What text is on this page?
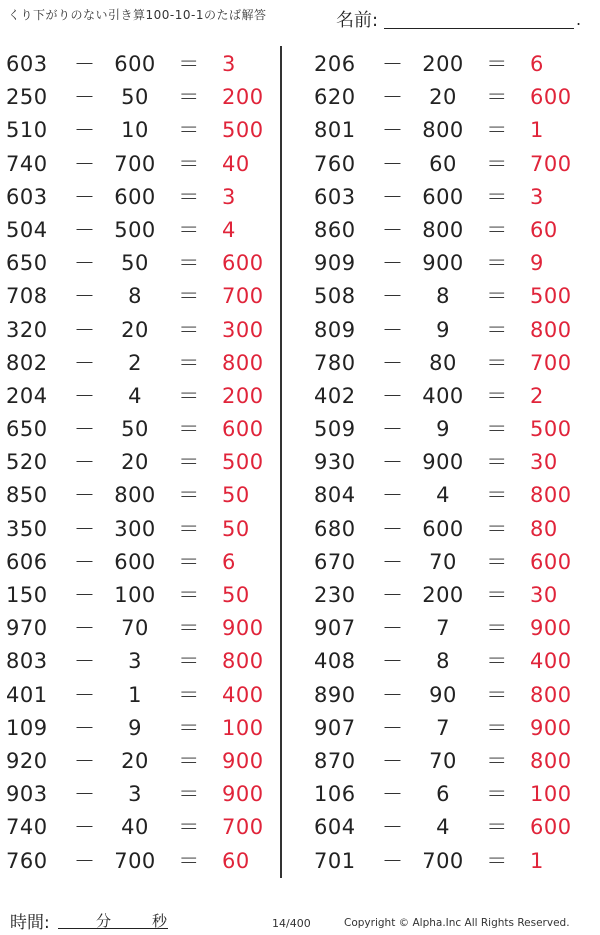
くり下がりのない引き算100-10-1のたば解答	名前:	.
603 － 600	＝ 3
250 －	50	＝ 200
510 －	10	＝ 500
740 － 700	＝ 40
603 － 600	＝ 3
504 － 500	＝ 4
650 －	50	＝ 600
708 －	8	＝ 700
320 －	20	＝ 300
802 －	2	＝ 800
204 －	4	＝ 200
650 －	50	＝ 600
520 －	20	＝ 500
850 － 800	＝ 50
350 － 300	＝ 50
606 － 600	＝ 6
150 － 100	＝ 50
970 －	70	＝ 900
803 －	3	＝ 800
401 －	1	＝ 400
109 －	9	＝ 100
920 －	20	＝ 900
903 －	3	＝ 900
740 －	40	＝ 700
760 － 700	＝ 60
206 － 200	＝ 6
620 －	20	＝ 600
801 － 800	＝ 1
760 －	60	＝ 700
603 － 600	＝ 3
860 － 800	＝ 60
909 － 900	＝ 9
508 －	8	＝ 500
809 －	9	＝ 800
780 －	80	＝ 700
402 － 400	＝ 2
509 －	9	＝ 500
930 － 900	＝ 30
804 －	4	＝ 800
680 － 600	＝ 80
670 －	70	＝ 600
230 － 200	＝ 30
907 －	7	＝ 900
408 －	8	＝ 400
890 －	90	＝ 800
907 －	7	＝ 900
870 －	70	＝ 800
106 －	6	＝ 100
604 －	4	＝ 600
701 － 700	＝ 1
時間:	分	秒	14/400	Copyright © Alpha.Inc All Rights Reserved.
